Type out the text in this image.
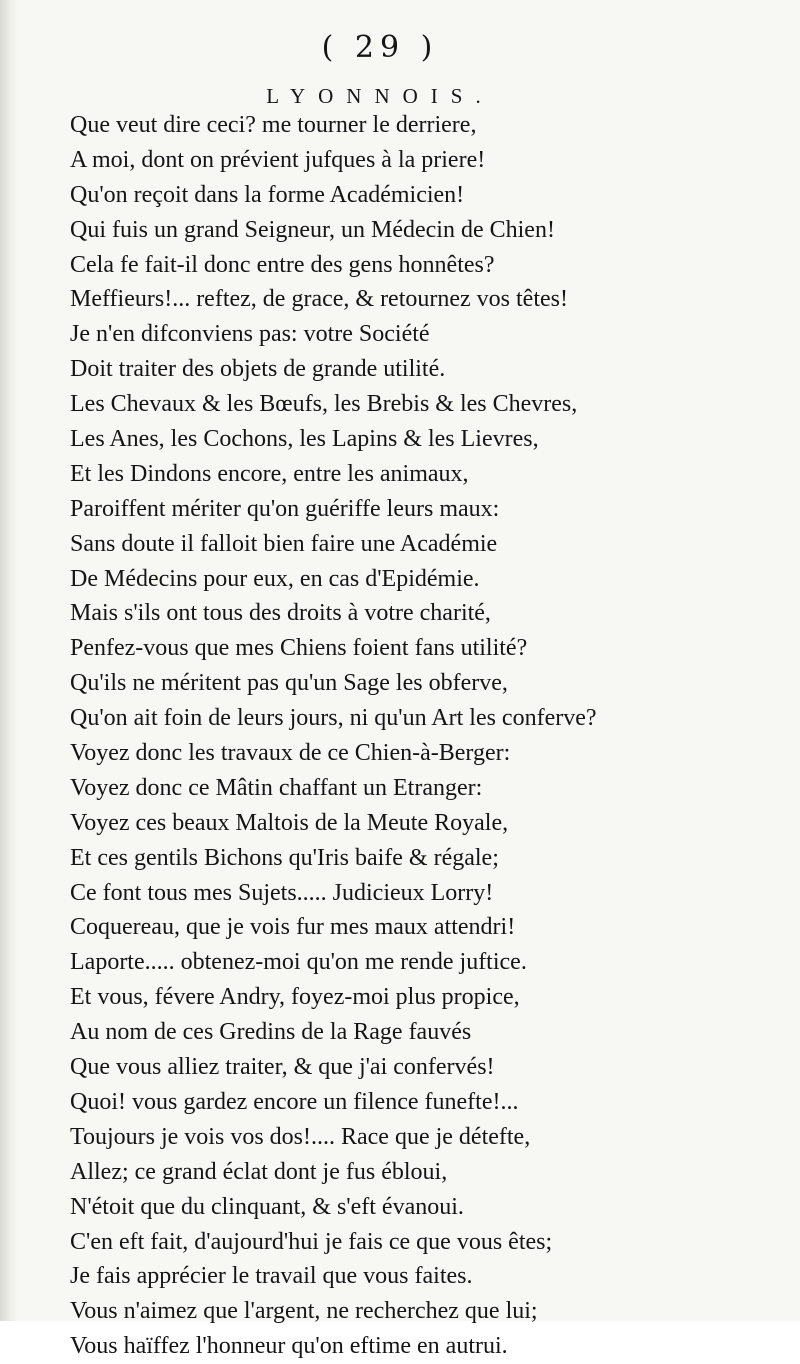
( 29 )
LYONNOIS.
Que veut dire ceci? me tourner le derriere,
A moi, dont on prévient jufques à la priere!
Qu'on reçoit dans la forme Académicien!
Qui fuis un grand Seigneur, un Médecin de Chien!
Cela fe fait-il donc entre des gens honnêtes?
Meffieurs!... reftez, de grace, & retournez vos têtes!
Je n'en difconviens pas: votre Société
Doit traiter des objets de grande utilité.
Les Chevaux & les Bœufs, les Brebis & les Chevres,
Les Anes, les Cochons, les Lapins & les Lievres,
Et les Dindons encore, entre les animaux,
Paroiffent mériter qu'on guériffe leurs maux:
Sans doute il falloit bien faire une Académie
De Médecins pour eux, en cas d'Epidémie.
Mais s'ils ont tous des droits à votre charité,
Penfez-vous que mes Chiens foient fans utilité?
Qu'ils ne méritent pas qu'un Sage les obferve,
Qu'on ait foin de leurs jours, ni qu'un Art les conferve?
Voyez donc les travaux de ce Chien-à-Berger:
Voyez donc ce Mâtin chaffant un Etranger:
Voyez ces beaux Maltois de la Meute Royale,
Et ces gentils Bichons qu'Iris baife & régale;
Ce font tous mes Sujets..... Judicieux Lorry!
Coquereau, que je vois fur mes maux attendri!
Laporte..... obtenez-moi qu'on me rende juftice.
Et vous, févere Andry, foyez-moi plus propice,
Au nom de ces Gredins de la Rage fauvés
Que vous alliez traiter, & que j'ai confervés!
Quoi! vous gardez encore un filence funefte!...
Toujours je vois vos dos!.... Race que je détefte,
Allez; ce grand éclat dont je fus ébloui,
N'étoit que du clinquant, & s'eft évanoui.
C'en eft fait, d'aujourd'hui je fais ce que vous êtes;
Je fais apprécier le travail que vous faites.
Vous n'aimez que l'argent, ne recherchez que lui;
Vous haïffez l'honneur qu'on eftime en autrui.
